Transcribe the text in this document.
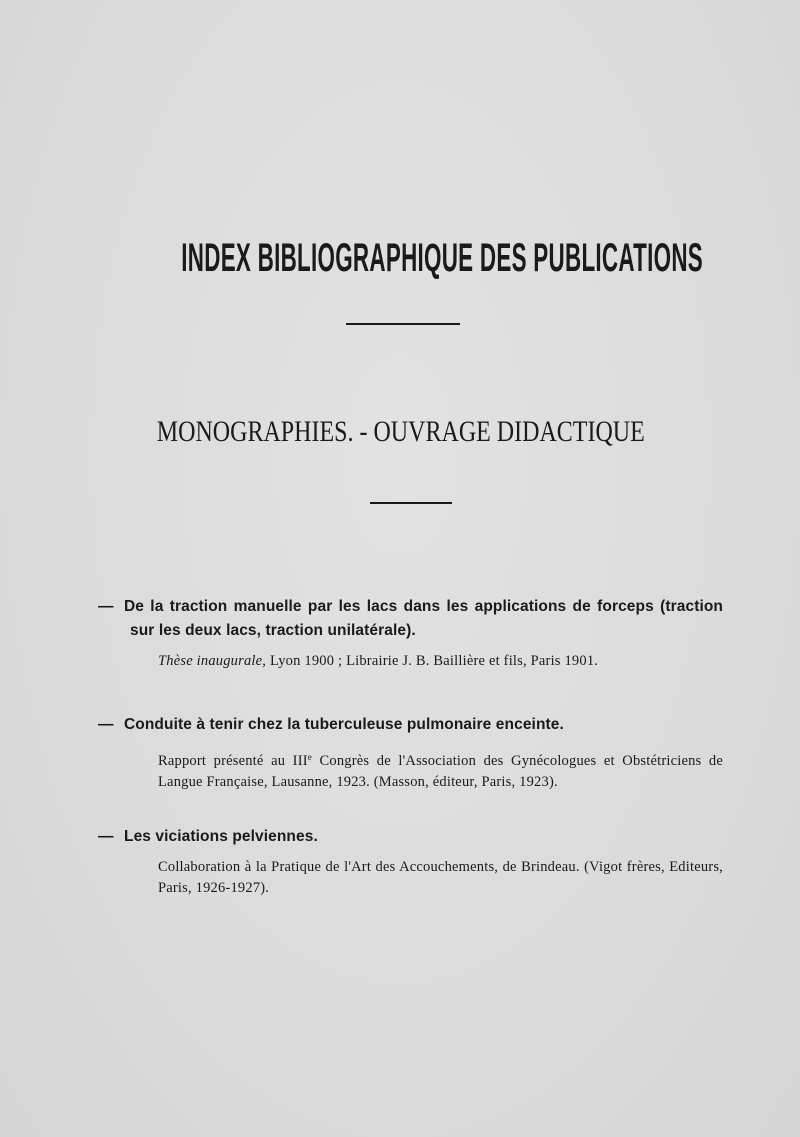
INDEX BIBLIOGRAPHIQUE DES PUBLICATIONS
MONOGRAPHIES. - OUVRAGE DIDACTIQUE

— De la traction manuelle par les lacs dans les applications de forceps (traction sur les deux lacs, traction unilatérale).

Thèse inaugurale, Lyon 1900 ; Librairie J. B. Baillière et fils, Paris 1901.

— Conduite à tenir chez la tuberculeuse pulmonaire enceinte.

Rapport présenté au IIIe Congrès de l'Association des Gynécologues et Obstétriciens de Langue Française, Lausanne, 1923. (Masson, éditeur, Paris, 1923).

— Les viciations pelviennes.

Collaboration à la Pratique de l'Art des Accouchements, de Brindeau. (Vigot frères, Editeurs, Paris, 1926-1927).
